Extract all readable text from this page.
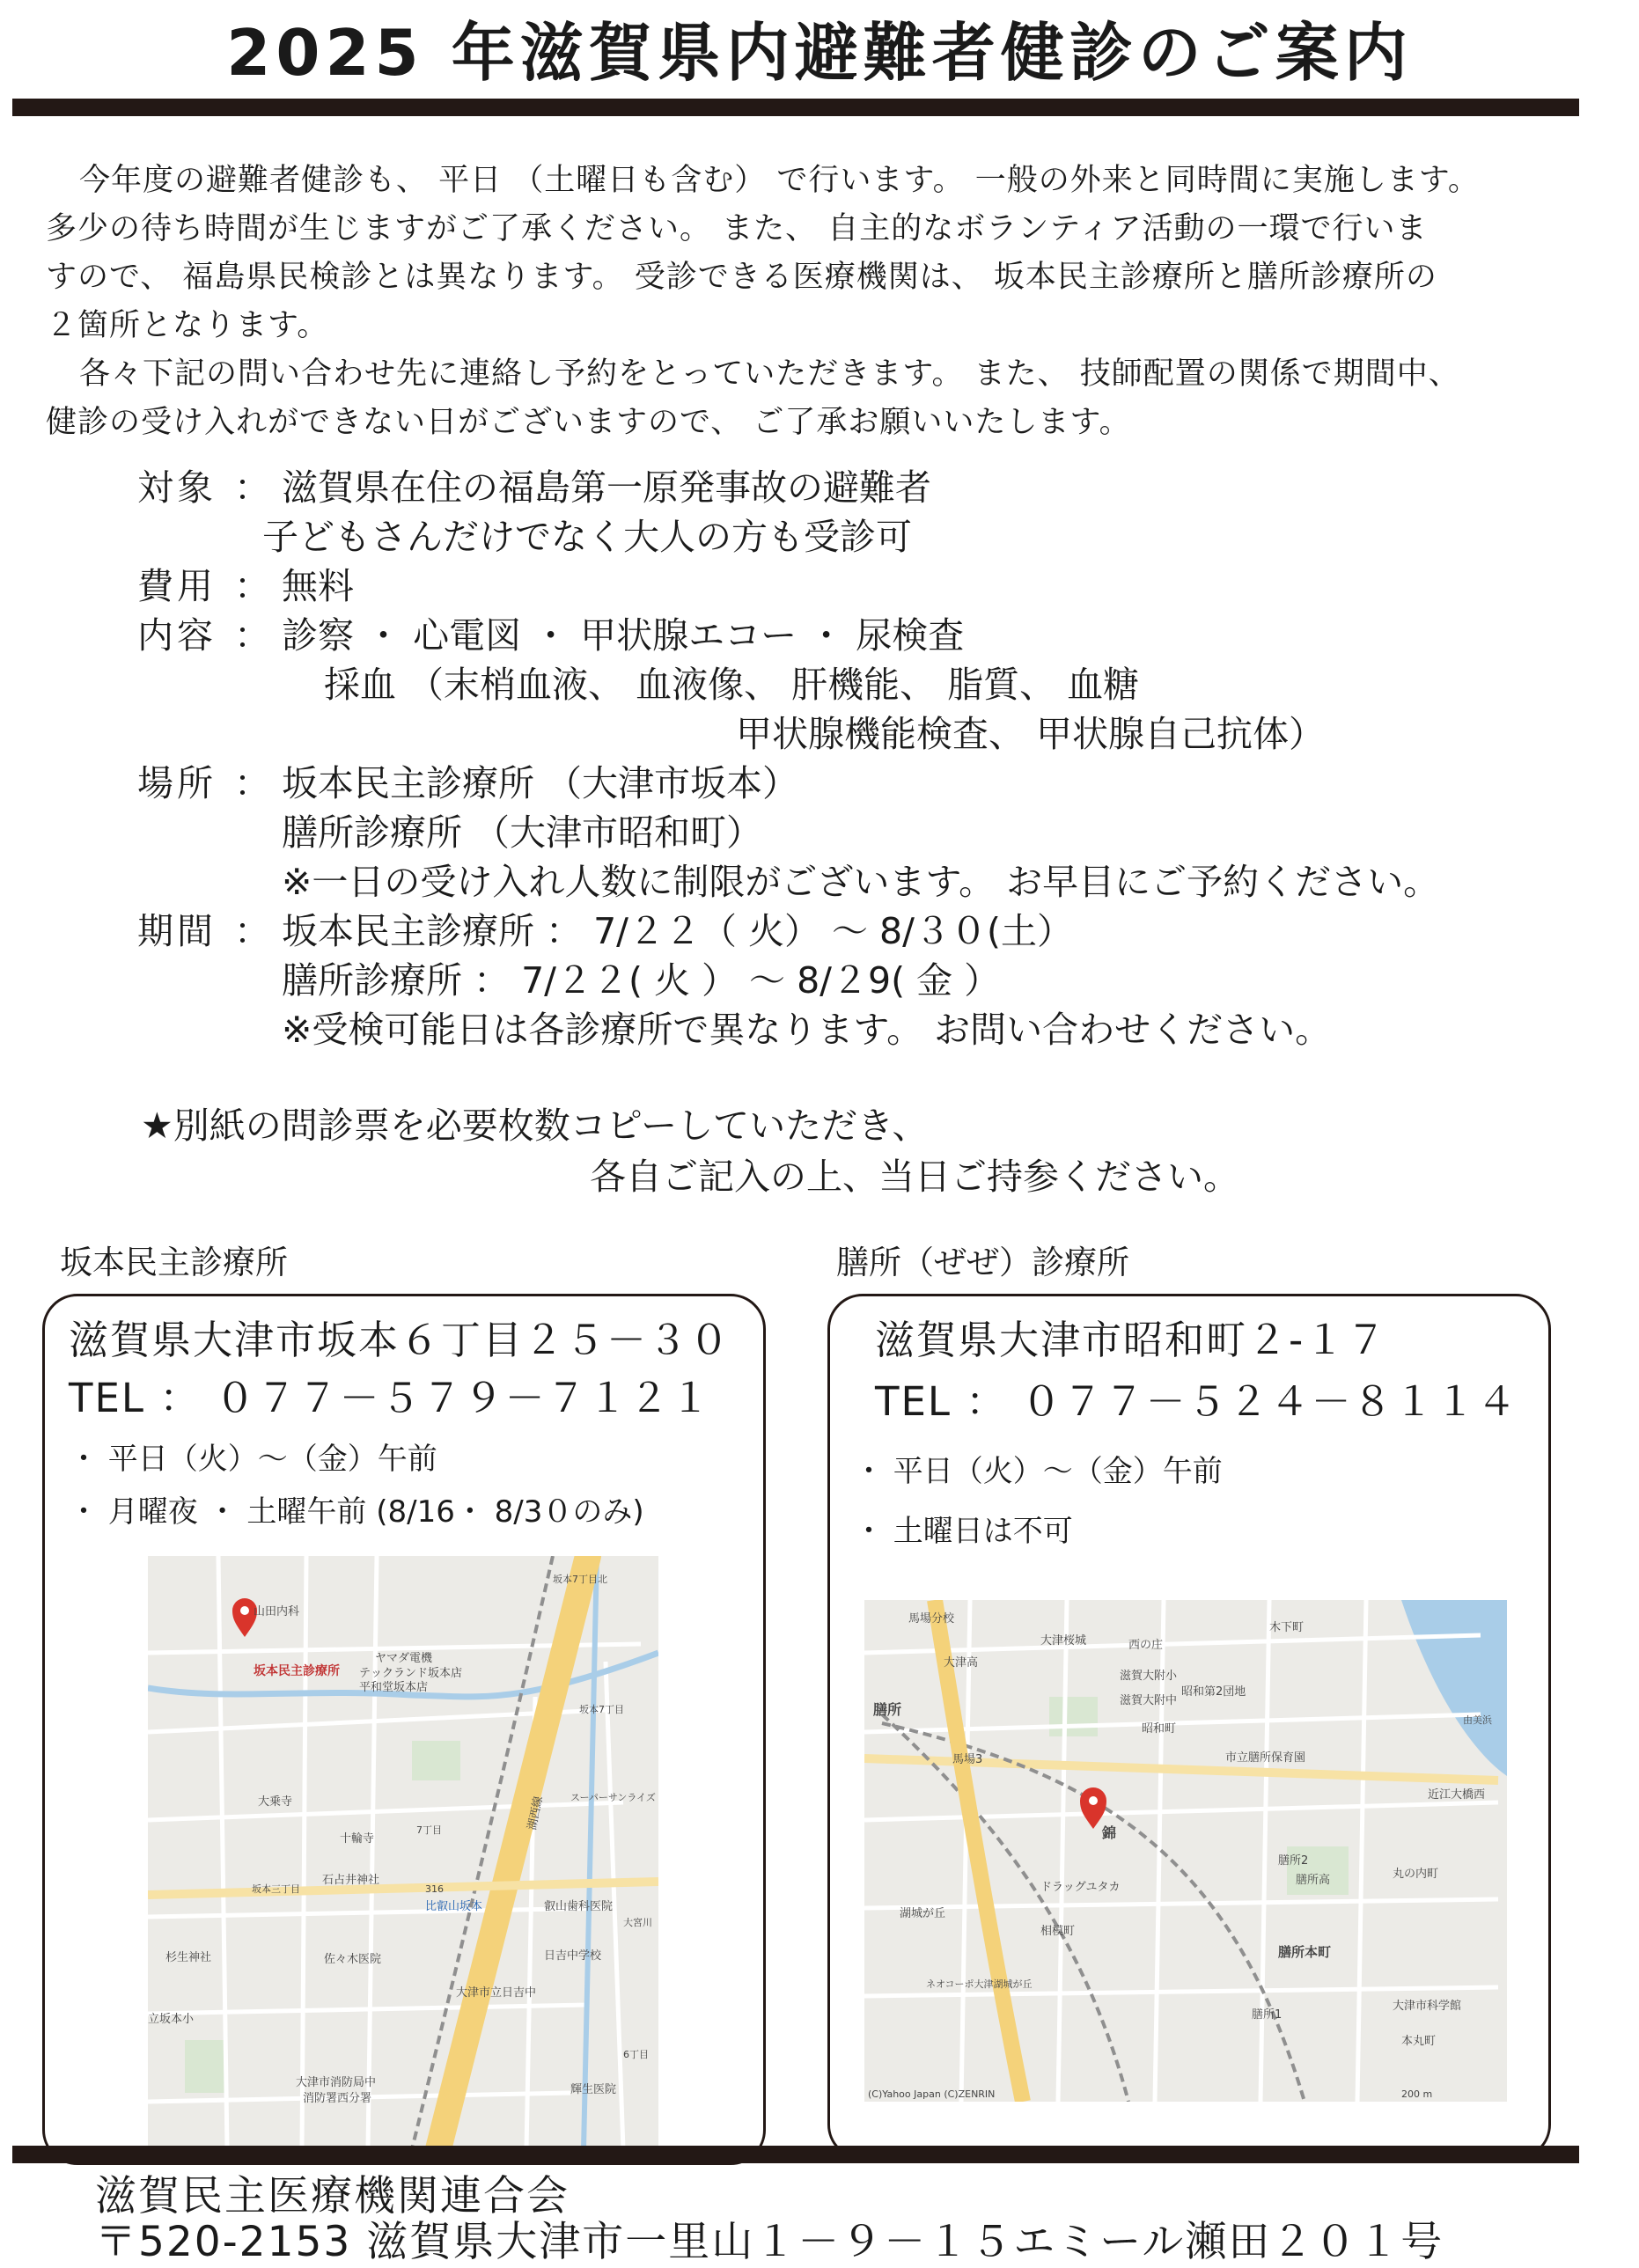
2025 年滋賀県内避難者健診のご案内

今年度の避難者健診も、 平日 （土曜日も含む） で行います。 一般の外来と同時間に実施します。

多少の待ち時間が生じますがご了承ください。 また、 自主的なボランティア活動の一環で行いま

すので、 福島県民検診とは異なります。 受診できる医療機関は、 坂本民主診療所と膳所診療所の

２箇所となります。

各々下記の問い合わせ先に連絡し予約をとっていただきます。 また、 技師配置の関係で期間中、

健診の受け入れができない日がございますので、 ご了承お願いいたします。

対象 ： 滋賀県在住の福島第一原発事故の避難者
子どもさんだけでなく大人の方も受診可
費用 ： 無料
内容 ： 診察 ・ 心電図 ・ 甲状腺エコー ・ 尿検査
採血 （末梢血液、 血液像、 肝機能、 脂質、 血糖
甲状腺機能検査、 甲状腺自己抗体）
場所 ： 坂本民主診療所 （大津市坂本）
膳所診療所 （大津市昭和町）
※一日の受け入れ人数に制限がございます。 お早目にご予約ください。
期間 ： 坂本民主診療所 ： 7/２２（ 火） ～ 8/３０(土）
膳所診療所 ： 7/２２( 火 ） ～ 8/２9( 金 ）
※受検可能日は各診療所で異なります。 お問い合わせください。
★別紙の問診票を必要枚数コピーしていただき、
各自ご記入の上、当日ご持参ください。
坂本民主診療所
滋賀県大津市坂本６丁目２５－３０
TEL ： ０７７－５７９－７１２１
・ 平日（火）～（金）午前
・ 月曜夜 ・ 土曜午前 (8/16・ 8/3０のみ)
山田内科
坂本民主診療所
ヤマダ電機
テックランド坂本店
平和堂坂本店
大乗寺
十輪寺
石占井神社
杉生神社	佐々木医院
比叡山坂本	叡山歯科医院
日吉中学校
大津市立日吉中
立坂本小
大津市消防局中
消防署西分署
輝生医院
湖西線
316
坂本7丁目北
坂本7丁目
坂本三丁目
スーパーサンライズ
大宮川
7丁目
6丁目
膳所（ぜぜ）診療所
滋賀県大津市昭和町２-１７
TEL ： ０７７－５２４－８１１４
・ 平日（火）～（金）午前
・ 土曜日は不可
馬場分校
大津高
大津桜城	西の庄
木下町
滋賀大附小
昭和第2団地
滋賀大附中
昭和町
市立膳所保育園
膳所
馬場3
錦
近江大橋西
ドラッグユタカ
膳所2
膳所高	丸の内町
湖城が丘
相模町
膳所本町
ネオコーポ大津湖城が丘
膳所1
大津市科学館
本丸町
(C)Yahoo Japan (C)ZENRIN	200 m
由美浜
滋賀民主医療機関連合会
〒520-2153 滋賀県大津市一里山１－９－１５エミール瀬田２０１号
